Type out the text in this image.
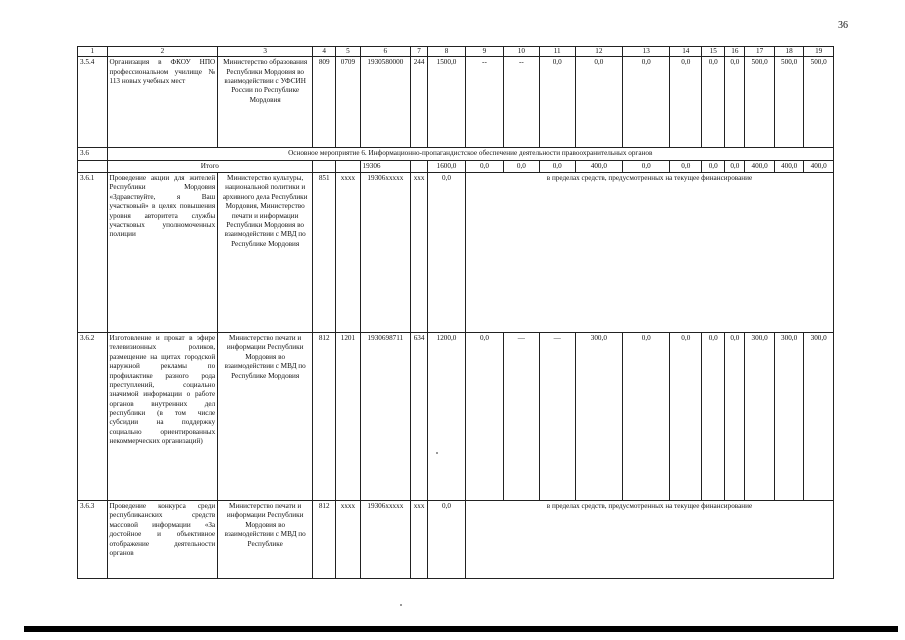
36
1	2	3	4	5	6	7	8	9	10	11	12	13	14	15	16	17	18	19
3.5.4	Организация в ФКОУ НПО профессиональном училище № 113 новых учебных мест	Министерство образования Республики Мордовия во взаимодействии с УФСИН России по Республике Мордовия	809	0709	1930580000	244	1500,0	--	--	0,0	0,0	0,0	0,0	0,0	0,0	500,0	500,0	500,0
3.6	Основное мероприятие 6. Информационно-пропагандистское обеспечение деятельности правоохранительных органов																	
	Итого				19306		1600,0	0,0	0,0	0,0	400,0	0,0	0,0	0,0	0,0	400,0	400,0	400,0
3.6.1	Проведение акции для жителей Республики Мордовия «Здравствуйте, я Ваш участковый» в целях повышения уровня авторитета службы участковых уполномоченных полиции	Министерство культуры, национальной политики и архивного дела Республики Мордовия, Министерство печати и информации Республики Мордовия во взаимодействии с МВД по Республике Мордовия	851	хххх	19306ххххх	ххх	0,0	в пределах средств, предусмотренных на текущее финансирование										
3.6.2	Изготовление и прокат в эфире телевизионных роликов, размещение на щитах городской наружной рекламы по профилактике разного рода преступлений, социально значимой информации о работе органов внутренних дел республики (в том числе субсидии на поддержку социально ориентированных некоммерческих организаций)	Министерство печати и информации Республики Мордовия во взаимодействии с МВД по Республике Мордовия	812	1201	1930698711	634	1200,0	0,0	—	—	300,0	0,0	0,0	0,0	0,0	300,0	300,0	300,0
3.6.3	Проведение конкурса среди республиканских средств массовой информации «За достойное и объективное отображение деятельности органов	Министерство печати и информации Республики Мордовия во взаимодействии с МВД по Республике	812	хххх	19306ххххх	ххх	0,0	в пределах средств, предусмотренных на текущее финансирование										
